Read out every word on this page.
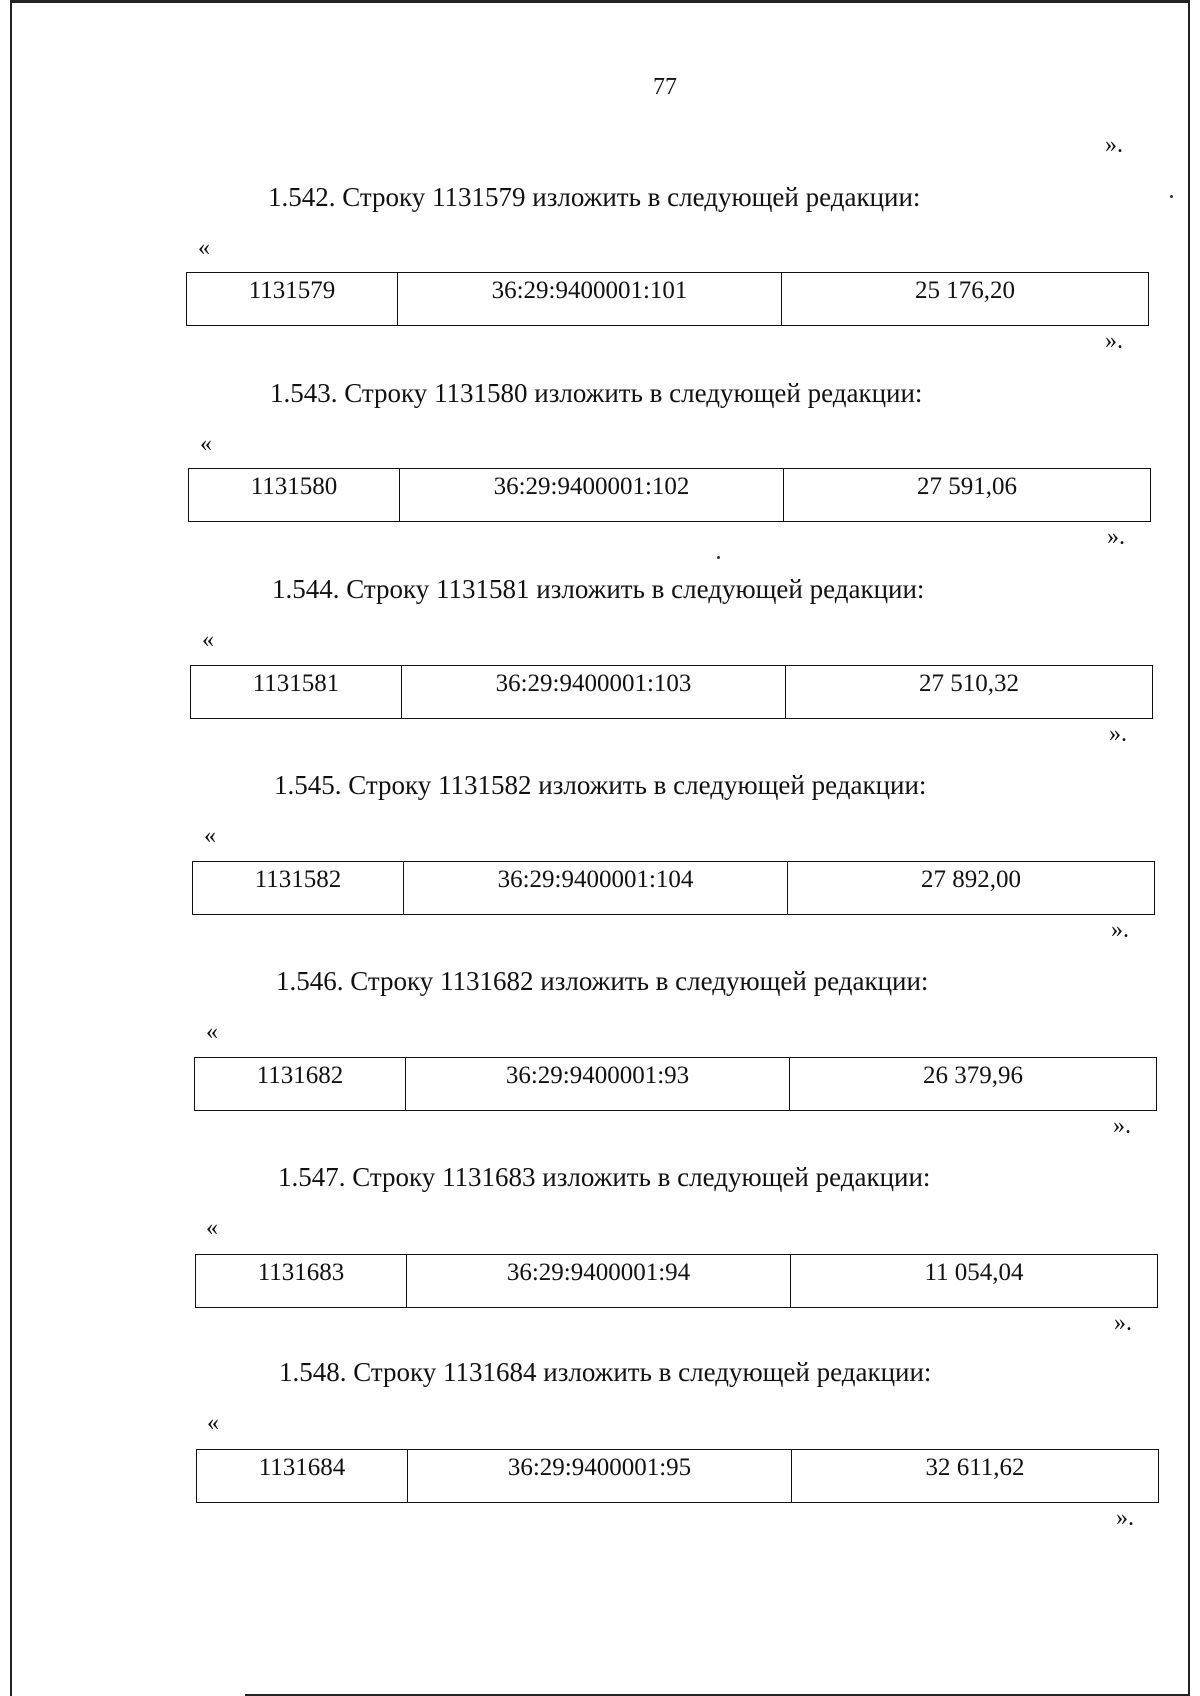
77
».
1.542. Строку 1131579 изложить в следующей редакции:
«
1131579	36:29:9400001:101	25 176,20
».
1.543. Строку 1131580 изложить в следующей редакции:
«
1131580	36:29:9400001:102	27 591,06
».
1.544. Строку 1131581 изложить в следующей редакции:
«
1131581	36:29:9400001:103	27 510,32
».
1.545. Строку 1131582 изложить в следующей редакции:
«
1131582	36:29:9400001:104	27 892,00
».
1.546. Строку 1131682 изложить в следующей редакции:
«
1131682	36:29:9400001:93	26 379,96
».
1.547. Строку 1131683 изложить в следующей редакции:
«
1131683	36:29:9400001:94	11 054,04
».
1.548. Строку 1131684 изложить в следующей редакции:
«
1131684	36:29:9400001:95	32 611,62
».
